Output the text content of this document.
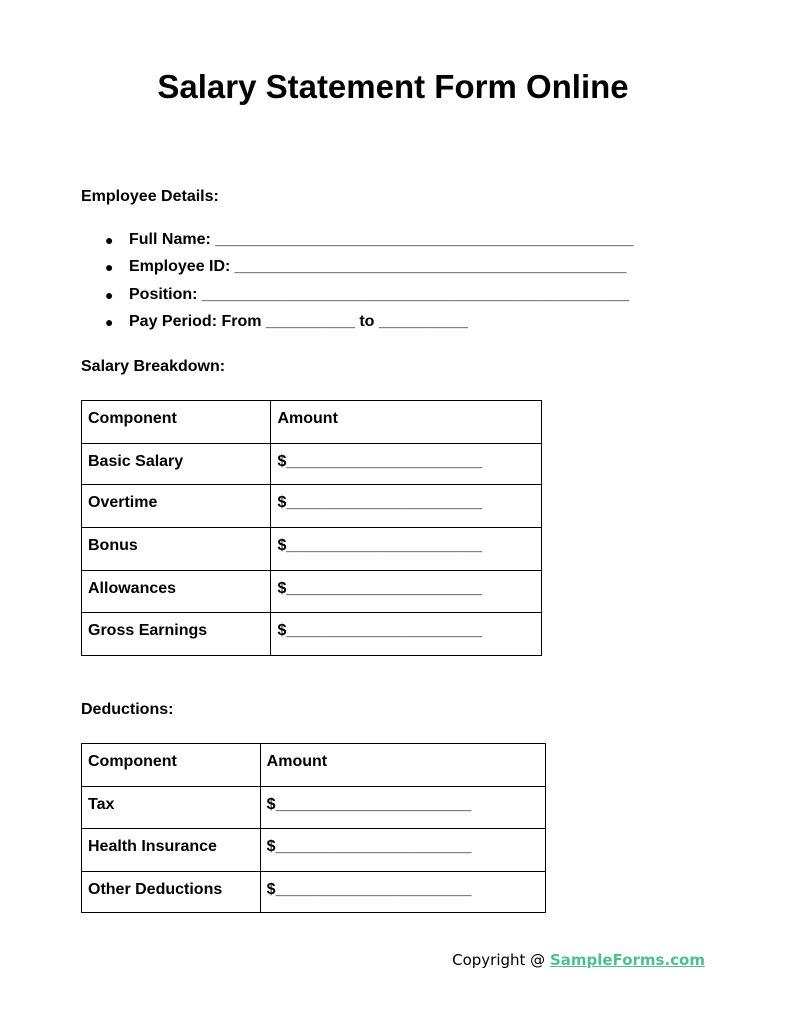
Salary Statement Form Online
Employee Details:
● Full Name: _______________________________________________
● Employee ID: ____________________________________________
● Position: ________________________________________________
● Pay Period: From __________ to __________
Salary Breakdown:
Component	Amount
Basic Salary	$______________________
Overtime	$______________________
Bonus	$______________________
Allowances	$______________________
Gross Earnings	$______________________
Deductions:
Component	Amount
Tax	$______________________
Health Insurance	$______________________
Other Deductions	$______________________
Copyright @ SampleForms.com
